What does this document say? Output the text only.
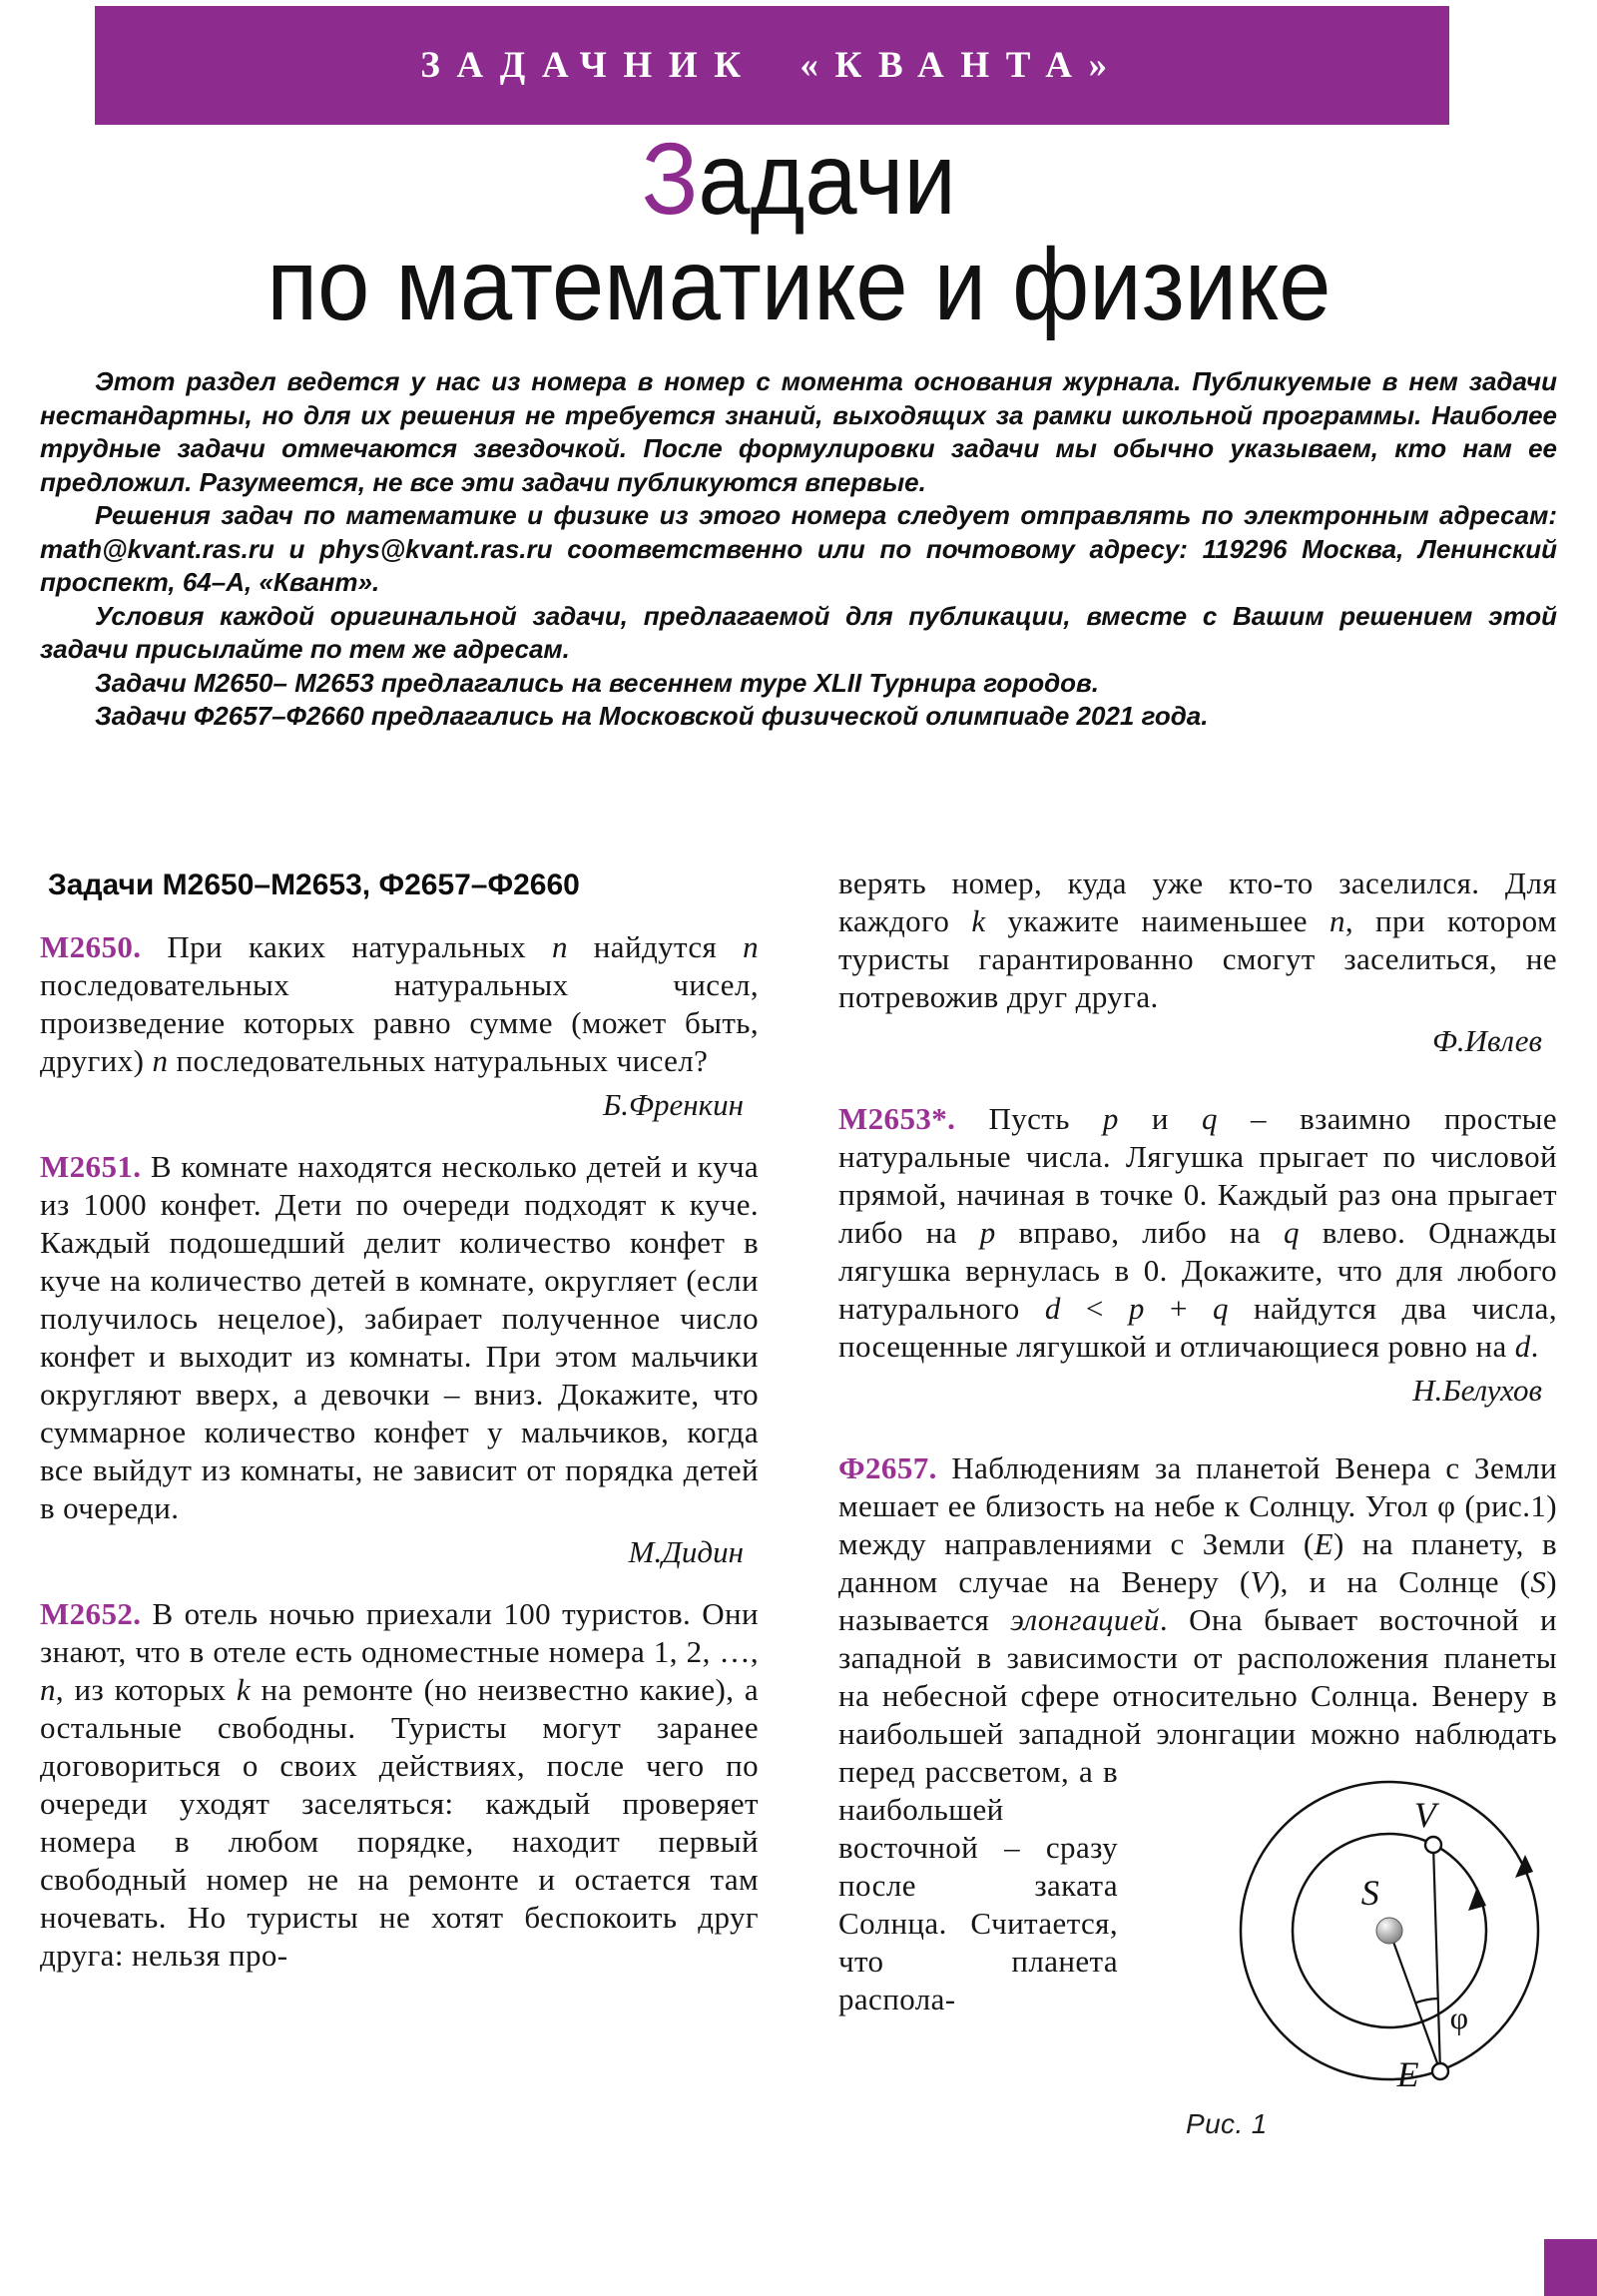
ЗАДАЧНИК «КВАНТА»
Задачи
по математике и физике

Этот раздел ведется у нас из номера в номер с момента основания журнала. Публикуемые в нем задачи нестандартны, но для их решения не требуется знаний, выходящих за рамки школьной программы. Наиболее трудные задачи отмечаются звездочкой. После формулировки задачи мы обычно указываем, кто нам ее предложил. Разумеется, не все эти задачи публикуются впервые.

Решения задач по математике и физике из этого номера следует отправлять по электронным адресам: math@kvant.ras.ru и phys@kvant.ras.ru соответственно или по почтовому адресу: 119296 Москва, Ленинский проспект, 64–А, «Квант».

Условия каждой оригинальной задачи, предлагаемой для публикации, вместе с Вашим решением этой задачи присылайте по тем же адресам.

Задачи М2650– М2653 предлагались на весеннем туре XLII Турнира городов.

Задачи Ф2657–Ф2660 предлагались на Московской физической олимпиаде 2021 года.

Задачи М2650–М2653, Ф2657–Ф2660

М2650. При каких натуральных n найдутся n последовательных натуральных чисел, произведение которых равно сумме (может быть, других) n последовательных натуральных чисел?

Б.Френкин

М2651. В комнате находятся несколько детей и куча из 1000 конфет. Дети по очереди подходят к куче. Каждый подошедший делит количество конфет в куче на количество детей в комнате, округляет (если получилось нецелое), забирает полученное число конфет и выходит из комнаты. При этом мальчики округляют вверх, а девочки – вниз. Докажите, что суммарное количество конфет у мальчиков, когда все выйдут из комнаты, не зависит от порядка детей в очереди.

М.Дидин

М2652. В отель ночью приехали 100 туристов. Они знают, что в отеле есть одноместные номера 1, 2, …, n, из которых k на ремонте (но неизвестно какие), а остальные свободны. Туристы могут заранее договориться о своих действиях, после чего по очереди уходят заселяться: каждый проверяет номера в любом порядке, находит первый свободный номер не на ремонте и остается там ночевать. Но туристы не хотят беспокоить друг друга: нельзя про-

верять номер, куда уже кто-то заселился. Для каждого k укажите наименьшее n, при котором туристы гарантированно смогут заселиться, не потревожив друг друга.

Ф.Ивлев

М2653*. Пусть p и q – взаимно простые натуральные числа. Лягушка прыгает по числовой прямой, начиная в точке 0. Каждый раз она прыгает либо на p вправо, либо на q влево. Однажды лягушка вернулась в 0. Докажите, что для любого натурального d < p + q найдутся два числа, посещенные лягушкой и отличающиеся ровно на d.

Н.Белухов

S
V
E
φ
Рис. 1
Ф2657. Наблюдениям за планетой Венера с Земли мешает ее близость на небе к Солнцу. Угол φ (рис.1) между направлениями с Земли (E) на планету, в данном случае на Венеру (V), и на Солнце (S) называется элонгацией. Она бывает восточной и западной в зависимости от расположения планеты на небесной сфере относительно Солнца. Венеру в наибольшей западной элонгации можно наблюдать перед рассветом, а в наибольшей восточной – сразу после заката Солнца. Считается, что планета распола-
